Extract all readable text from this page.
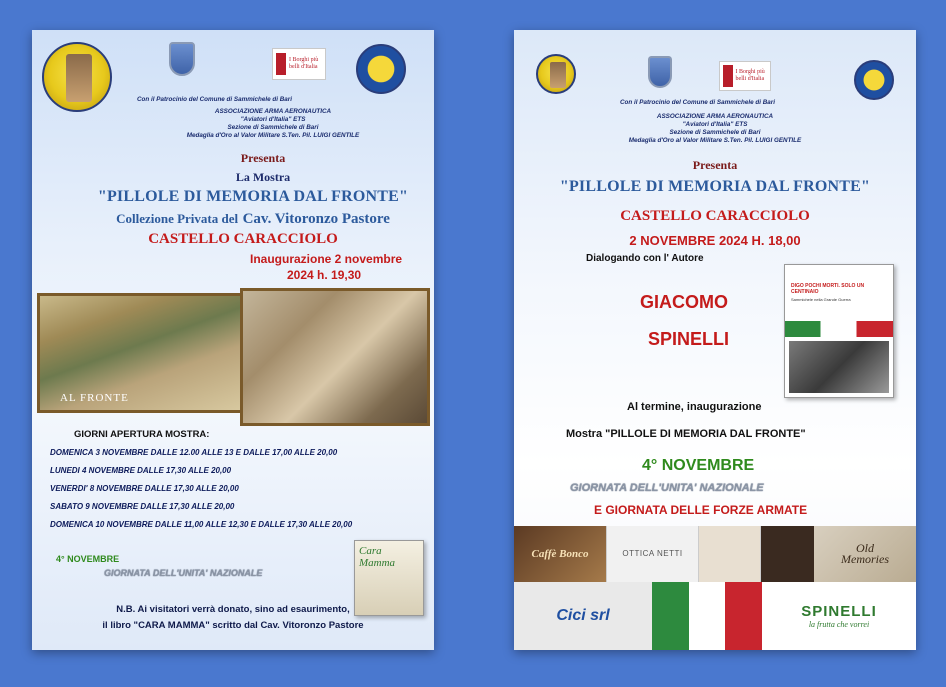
I Borghi più belli d'Italia
Con il Patrocinio del Comune di Sammichele di Bari
ASSOCIAZIONE ARMA AERONAUTICA
"Aviatori d'Italia" ETS
Sezione di Sammichele di Bari
Medaglia d'Oro al Valor Militare S.Ten. Pil. LUIGI GENTILE
Presenta
La Mostra
"PILLOLE DI MEMORIA DAL FRONTE"
Collezione Privata del Cav. Vitoronzo Pastore
CASTELLO CARACCIOLO
Inaugurazione 2 novembre
2024 h. 19,30
AL FRONTE
GIORNI APERTURA MOSTRA:
DOMENICA 3 NOVEMBRE DALLE 12.00 ALLE 13 E DALLE 17,00 ALLE 20,00
LUNEDI 4 NOVEMBRE DALLE 17,30 ALLE 20,00
VENERDI' 8 NOVEMBRE DALLE 17,30 ALLE 20,00
SABATO 9 NOVEMBRE DALLE 17,30 ALLE 20,00
DOMENICA 10 NOVEMBRE DALLE 11,00 ALLE 12,30 E DALLE 17,30 ALLE 20,00
4° NOVEMBRE
GIORNATA DELL'UNITA' NAZIONALE
Cara Mamma
N.B. Ai visitatori verrà donato, sino ad esaurimento,
il libro "CARA MAMMA" scritto dal Cav. Vitoronzo Pastore
I Borghi più belli d'Italia
Con il Patrocinio del Comune di Sammichele di Bari
ASSOCIAZIONE ARMA AERONAUTICA
"Aviatori d'Italia" ETS
Sezione di Sammichele di Bari
Medaglia d'Oro al Valor Militare S.Ten. Pil. LUIGI GENTILE
Presenta
"PILLOLE DI MEMORIA DAL FRONTE"
CASTELLO CARACCIOLO
2 NOVEMBRE 2024 H. 18,00
Dialogando con l' Autore
GIACOMO
SPINELLI
DIGO POCHI MORTI. SOLO UN CENTINAIO
Sammichele nella Grande Guerra
Al termine, inaugurazione
Mostra "PILLOLE DI MEMORIA DAL FRONTE"
4° NOVEMBRE
GIORNATA DELL'UNITA' NAZIONALE
E GIORNATA DELLE FORZE ARMATE
Caffè Bonco	OTTICA NETTI	Old
Memories
Cici srl	SPINELLI
la frutta che vorrei
